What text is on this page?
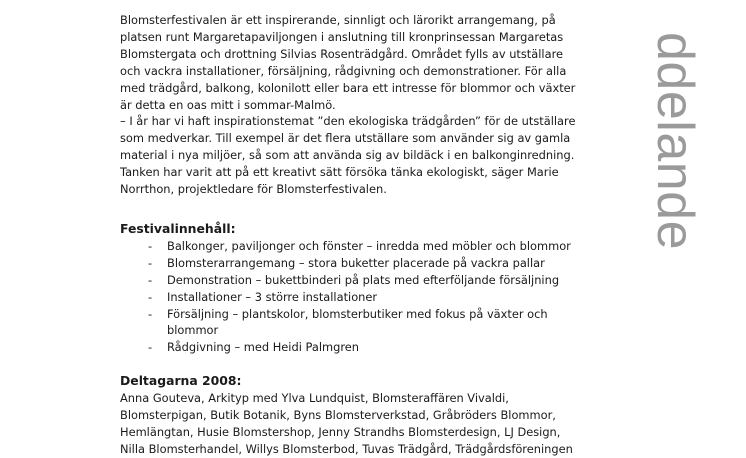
ddelande
Blomsterfestivalen är ett inspirerande, sinnligt och lärorikt arrangemang, på
platsen runt Margaretapaviljongen i anslutning till kronprinsessan Margaretas
Blomstergata och drottning Silvias Rosenträdgård. Området fylls av utställare
och vackra installationer, försäljning, rådgivning och demonstrationer. För alla
med trädgård, balkong, kolonilott eller bara ett intresse för blommor och växter
är detta en oas mitt i sommar-Malmö.
– I år har vi haft inspirationstemat ”den ekologiska trädgården” för de utställare
som medverkar. Till exempel är det flera utställare som använder sig av gamla
material i nya miljöer, så som att använda sig av bildäck i en balkonginredning.
Tanken har varit att på ett kreativt sätt försöka tänka ekologiskt, säger Marie
Norrthon, projektledare för Blomsterfestivalen.
Festivalinnehåll:
- Balkonger, paviljonger och fönster – inredda med möbler och blommor
- Blomsterarrangemang – stora buketter placerade på vackra pallar
- Demonstration – bukettbinderi på plats med efterföljande försäljning
- Installationer – 3 större installationer
- Försäljning – plantskolor, blomsterbutiker med fokus på växter och
blommor
- Rådgivning – med Heidi Palmgren
Deltagarna 2008:
Anna Gouteva, Arkityp med Ylva Lundquist, Blomsteraffären Vivaldi,
Blomsterpigan, Butik Botanik, Byns Blomsterverkstad, Gråbröders Blommor,
Hemlängtan, Husie Blomstershop, Jenny Strandhs Blomsterdesign, LJ Design,
Nilla Blomsterhandel, Willys Blomsterbod, Tuvas Trädgård, Trädgårdsföreningen
